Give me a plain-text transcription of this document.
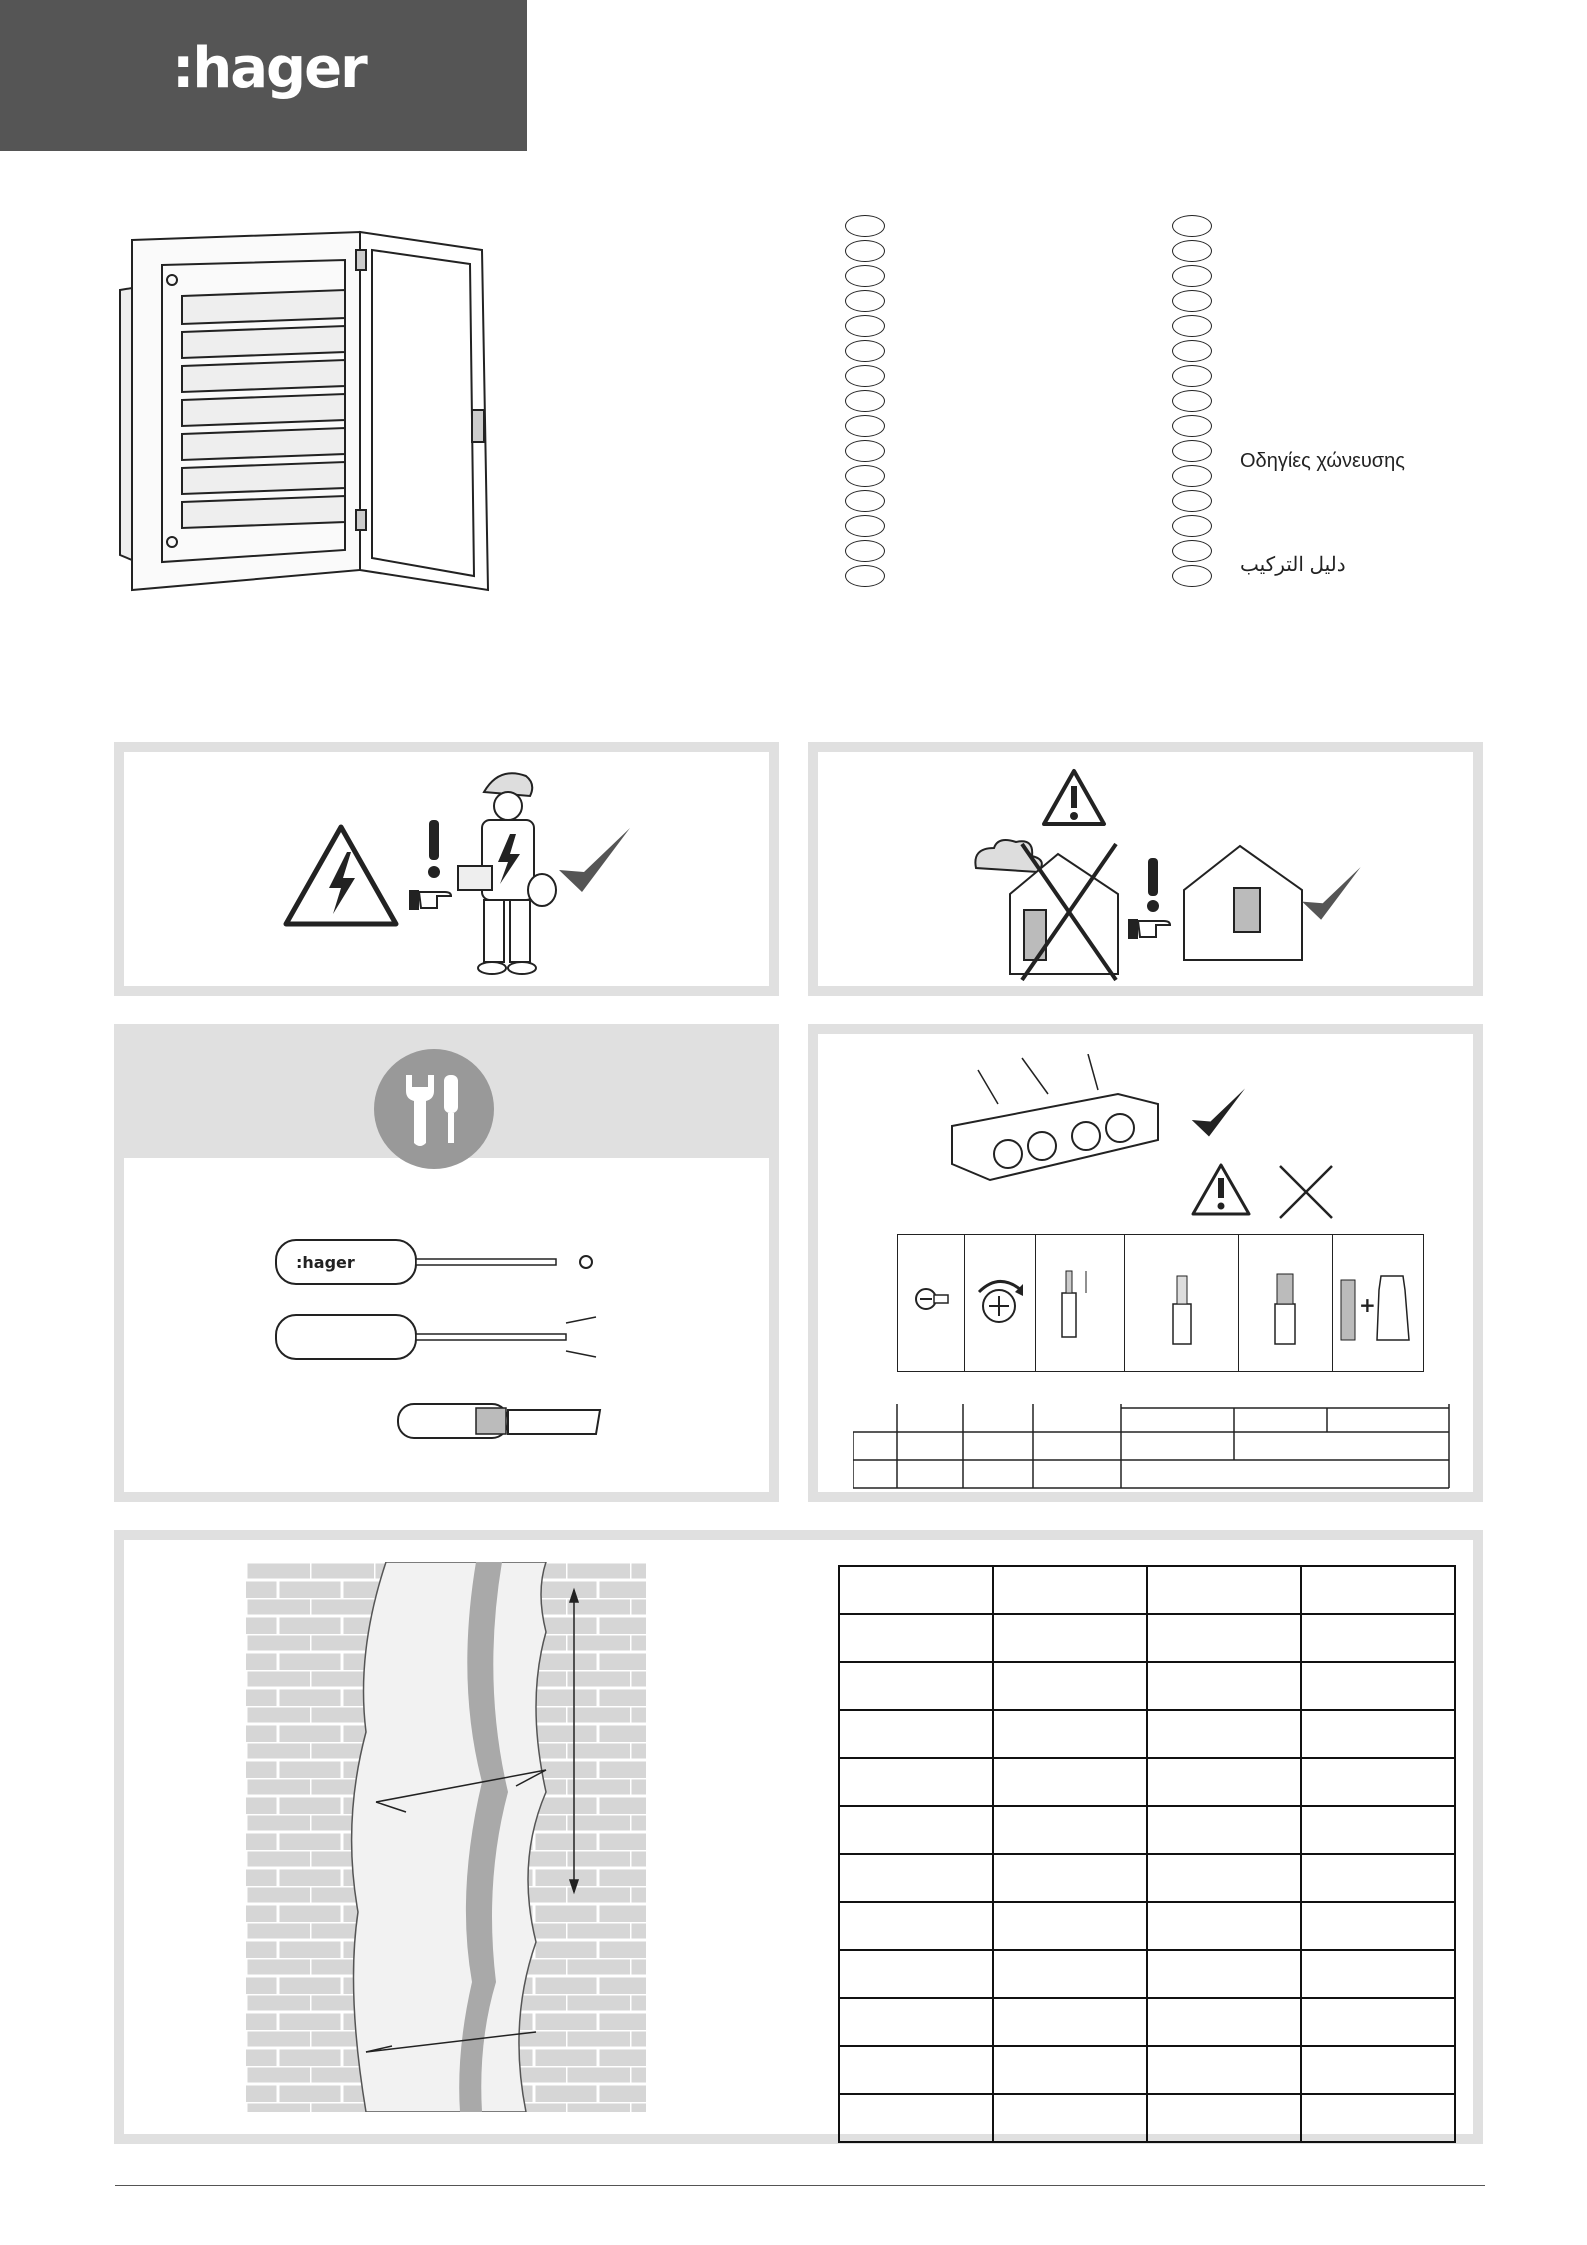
:hager
Οδηγίες χώνευσης
دليل التركيب
:hager

+
